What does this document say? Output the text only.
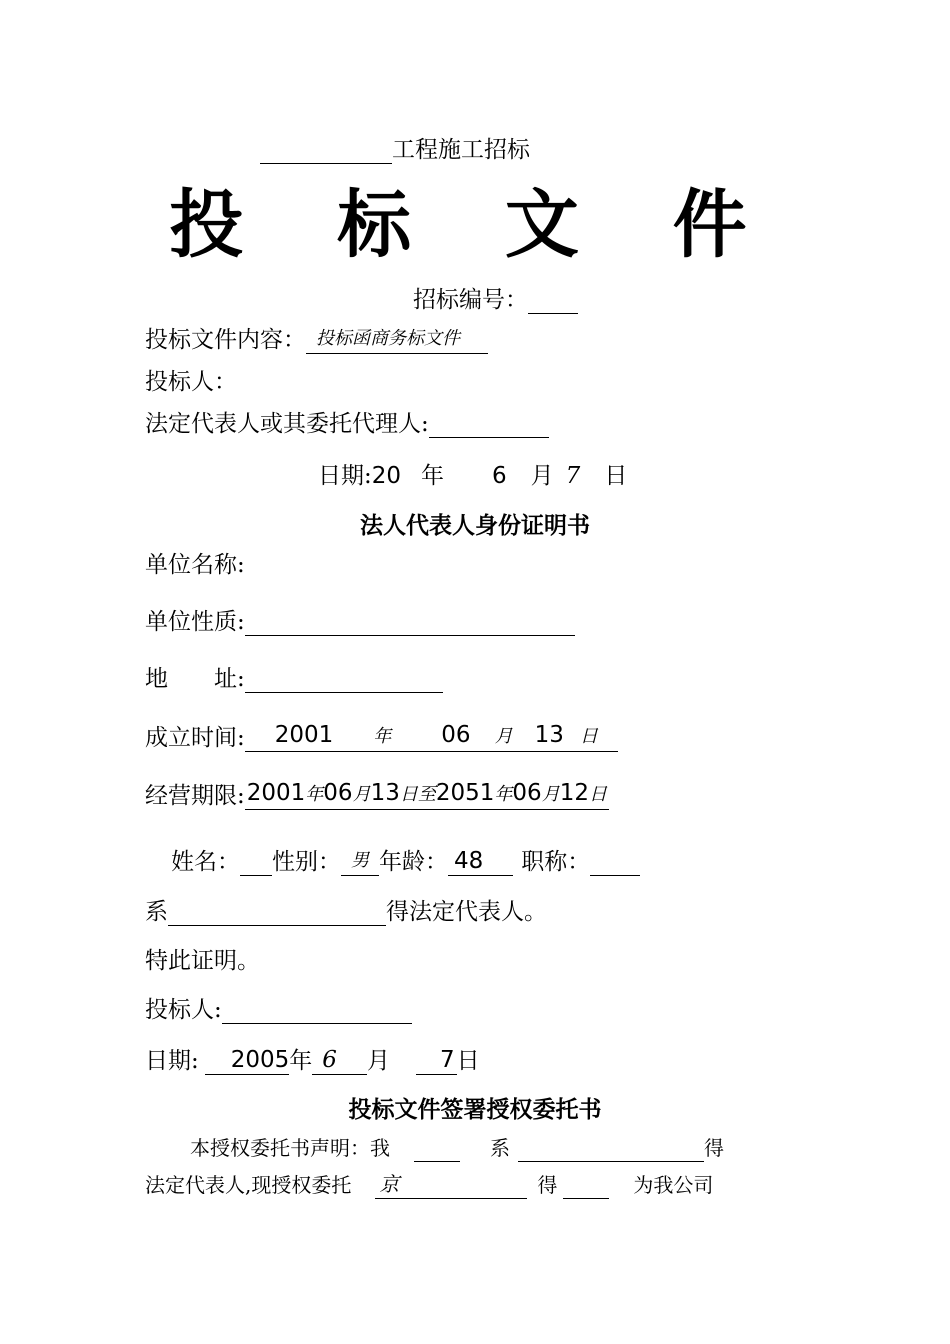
工程施工招标
投 标 文 件
招标编号：
投标文件内容： 投标函商务标文件
投标人：
法定代表人或其委托代理人:
日期:20 年 6 月 7 日
法人代表人身份证明书
单位名称:
单位性质:
地　　址:
成立时间: 2001 年 06 月 13 日
经营期限:2001年06月13日至2051年06月12日
姓名： 性别： 男 年龄： 48 职称：
系	得法定代表人。
特此证明。
投标人:
日期: 2005年 6 月 7日
投标文件签署授权委托书
本授权委托书声明：我	系	得
法定代表人,现授权委托 京	得	为我公司
